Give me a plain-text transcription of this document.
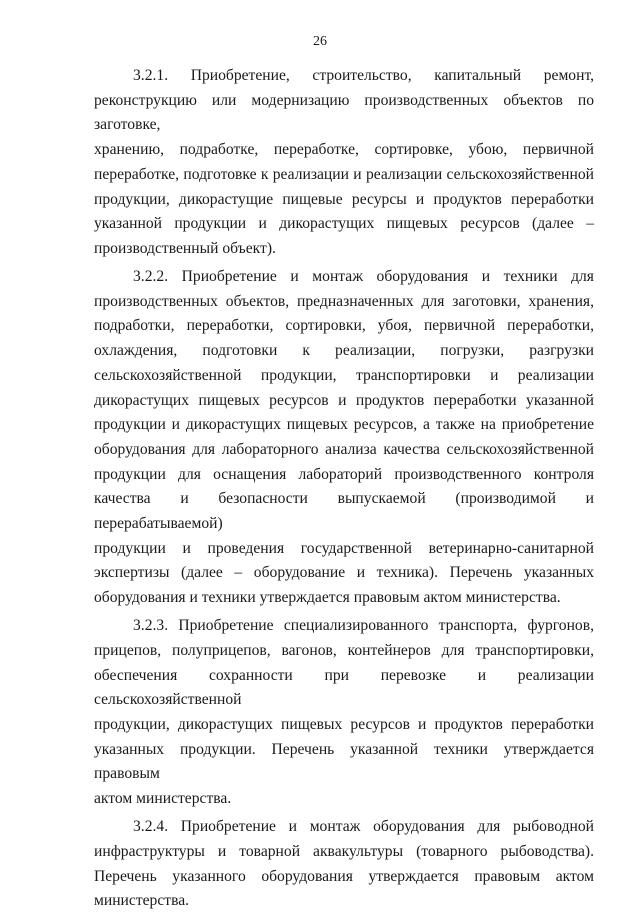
26
3.2.1. Приобретение, строительство, капитальный ремонт,
реконструкцию или модернизацию производственных объектов по заготовке,
хранению, подработке, переработке, сортировке, убою, первичной
переработке, подготовке к реализации и реализации сельскохозяйственной
продукции, дикорастущие пищевые ресурсы и продуктов переработки
указанной продукции и дикорастущих пищевых ресурсов (далее –
производственный объект).
3.2.2. Приобретение и монтаж оборудования и техники для
производственных объектов, предназначенных для заготовки, хранения,
подработки, переработки, сортировки, убоя, первичной переработки,
охлаждения, подготовки к реализации, погрузки, разгрузки
сельскохозяйственной продукции, транспортировки и реализации
дикорастущих пищевых ресурсов и продуктов переработки указанной
продукции и дикорастущих пищевых ресурсов, а также на приобретение
оборудования для лабораторного анализа качества сельскохозяйственной
продукции для оснащения лабораторий производственного контроля
качества и безопасности выпускаемой (производимой и перерабатываемой)
продукции и проведения государственной ветеринарно-санитарной
экспертизы (далее – оборудование и техника). Перечень указанных
оборудования и техники утверждается правовым актом министерства.
3.2.3. Приобретение специализированного транспорта, фургонов,
прицепов, полуприцепов, вагонов, контейнеров для транспортировки,
обеспечения сохранности при перевозке и реализации сельскохозяйственной
продукции, дикорастущих пищевых ресурсов и продуктов переработки
указанных продукции. Перечень указанной техники утверждается правовым
актом министерства.
3.2.4. Приобретение и монтаж оборудования для рыбоводной
инфраструктуры и товарной аквакультуры (товарного рыбоводства).
Перечень указанного оборудования утверждается правовым актом
министерства.
